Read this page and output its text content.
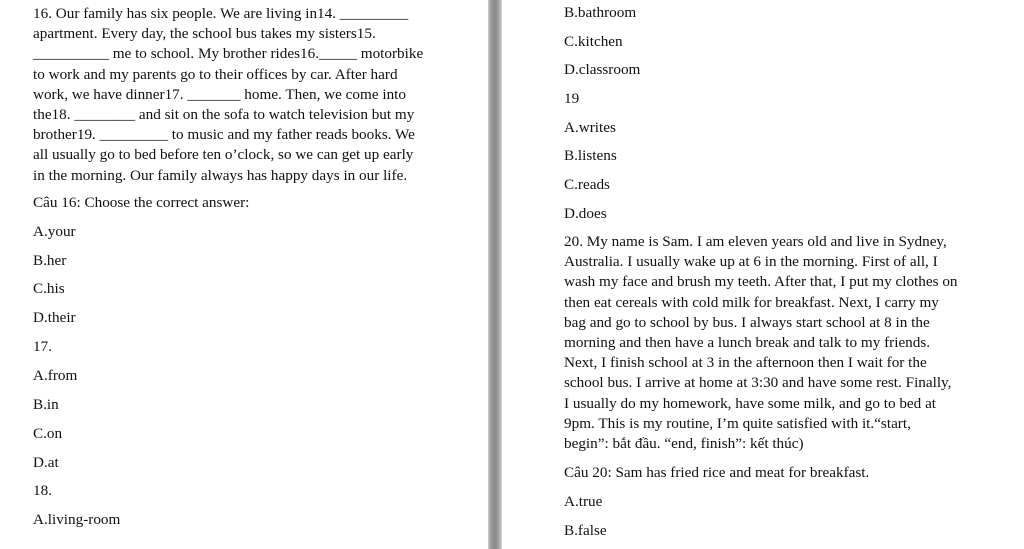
16. Our family has six people. We are living in14. _________
apartment. Every day, the school bus takes my sisters15.
__________ me to school. My brother rides16._____ motorbike
to work and my parents go to their offices by car. After hard
work, we have dinner17. _______ home. Then, we come into
the18. ________ and sit on the sofa to watch television but my
brother19. _________ to music and my father reads books. We
all usually go to bed before ten o’clock, so we can get up early
in the morning. Our family always has happy days in our life.
Câu 16: Choose the correct answer:
A.your
B.her
C.his
D.their
17.
A.from
B.in
C.on
D.at
18.
A.living-room
B.bathroom
C.kitchen
D.classroom
19
A.writes
B.listens
C.reads
D.does
20. My name is Sam. I am eleven years old and live in Sydney,
Australia. I usually wake up at 6 in the morning. First of all, I
wash my face and brush my teeth. After that, I put my clothes on
then eat cereals with cold milk for breakfast. Next, I carry my
bag and go to school by bus. I always start school at 8 in the
morning and then have a lunch break and talk to my friends.
Next, I finish school at 3 in the afternoon then I wait for the
school bus. I arrive at home at 3:30 and have some rest. Finally,
I usually do my homework, have some milk, and go to bed at
9pm. This is my routine, I’m quite satisfied with it.“start,
begin”: bắt đầu. “end, finish”: kết thúc)
Câu 20: Sam has fried rice and meat for breakfast.
A.true
B.false
